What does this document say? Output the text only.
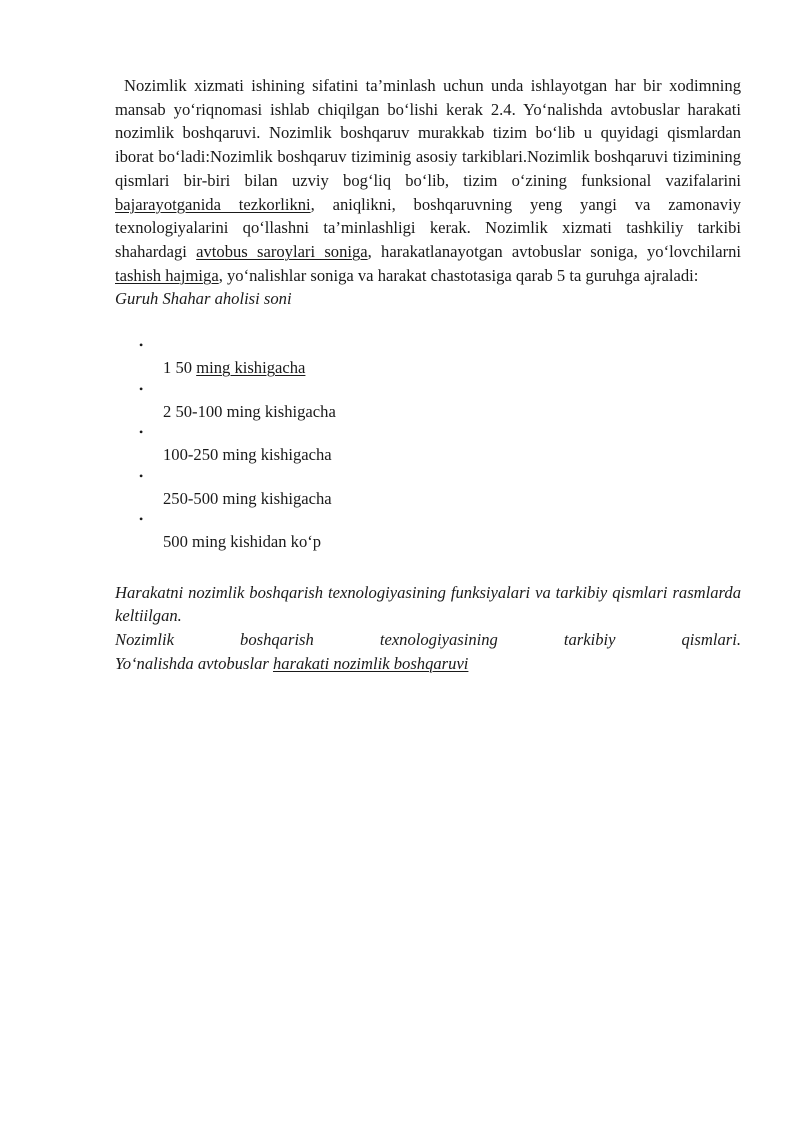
Nozimlik xizmati ishining sifatini ta’minlash uchun unda ishlayotgan har bir xodimning mansab yo‘riqnomasi ishlab chiqilgan bo‘lishi kerak 2.4. Yo‘nalishda avtobuslar harakati nozimlik boshqaruvi. Nozimlik boshqaruv murakkab tizim bo‘lib u quyidagi qismlardan iborat bo‘ladi:Nozimlik boshqaruv tiziminig asosiy tarkiblari.Nozimlik boshqaruvi tizimining qismlari bir-biri bilan uzviy bog‘liq bo‘lib, tizim o‘zining funksional vazifalarini bajarayotganida tezkorlikni, aniqlikni, boshqaruvning yeng yangi va zamonaviy texnologiyalarini qo‘llashni ta’minlashligi kerak. Nozimlik xizmati tashkiliy tarkibi shahardagi avtobus saroylari soniga, harakatlanayotgan avtobuslar soniga, yo‘lovchilarni tashish hajmiga, yo‘nalishlar soniga va harakat chastotasiga qarab 5 ta guruhga ajraladi:
Guruh Shahar aholisi soni

•
1 50 ming kishigacha
•
2 50-100 ming kishigacha
•
100-250 ming kishigacha
•
250-500 ming kishigacha
•
500 ming kishidan ko‘p
Harakatni nozimlik boshqarish texnologiyasining funksiyalari va tarkibiy qismlari rasmlarda keltiilgan.
Nozimlik boshqarish texnologiyasining tarkibiy qismlari.
Yo‘nalishda avtobuslar harakati nozimlik boshqaruvi
